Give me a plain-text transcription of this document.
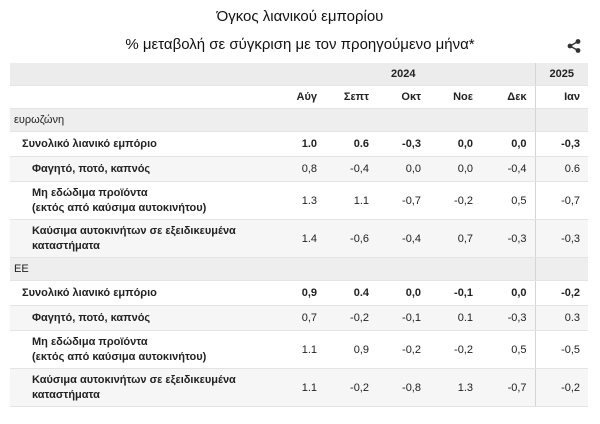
Όγκος λιανικού εμπορίου
% μεταβολή σε σύγκριση με τον προηγούμενο μήνα*
	2024					2025
	Αύγ	Σεπτ	Οκτ	Νοε	Δεκ	Ιαν
ευρωζώνη						
Συνολικό λιανικό εμπόριο	1.0	0.6	-0,3	0,0	0,0	-0,3
Φαγητό, ποτό, καπνός	0,8	-0,4	0,0	0,0	-0,4	0.6
Μη εδώδιμα προϊόντα
(εκτός από καύσιμα αυτοκινήτου)	1.3	1.1	-0,7	-0,2	0,5	-0,7
Καύσιμα αυτοκινήτων σε εξειδικευμένα
καταστήματα	1.4	-0,6	-0,4	0,7	-0,3	-0,3
ΕΕ						
Συνολικό λιανικό εμπόριο	0,9	0.4	0,0	-0,1	0,0	-0,2
Φαγητό, ποτό, καπνός	0,7	-0,2	-0,1	0.1	-0,3	0.3
Μη εδώδιμα προϊόντα
(εκτός από καύσιμα αυτοκινήτου)	1.1	0,9	-0,2	-0,2	0,5	-0,5
Καύσιμα αυτοκινήτων σε εξειδικευμένα
καταστήματα	1.1	-0,2	-0,8	1.3	-0,7	-0,2
